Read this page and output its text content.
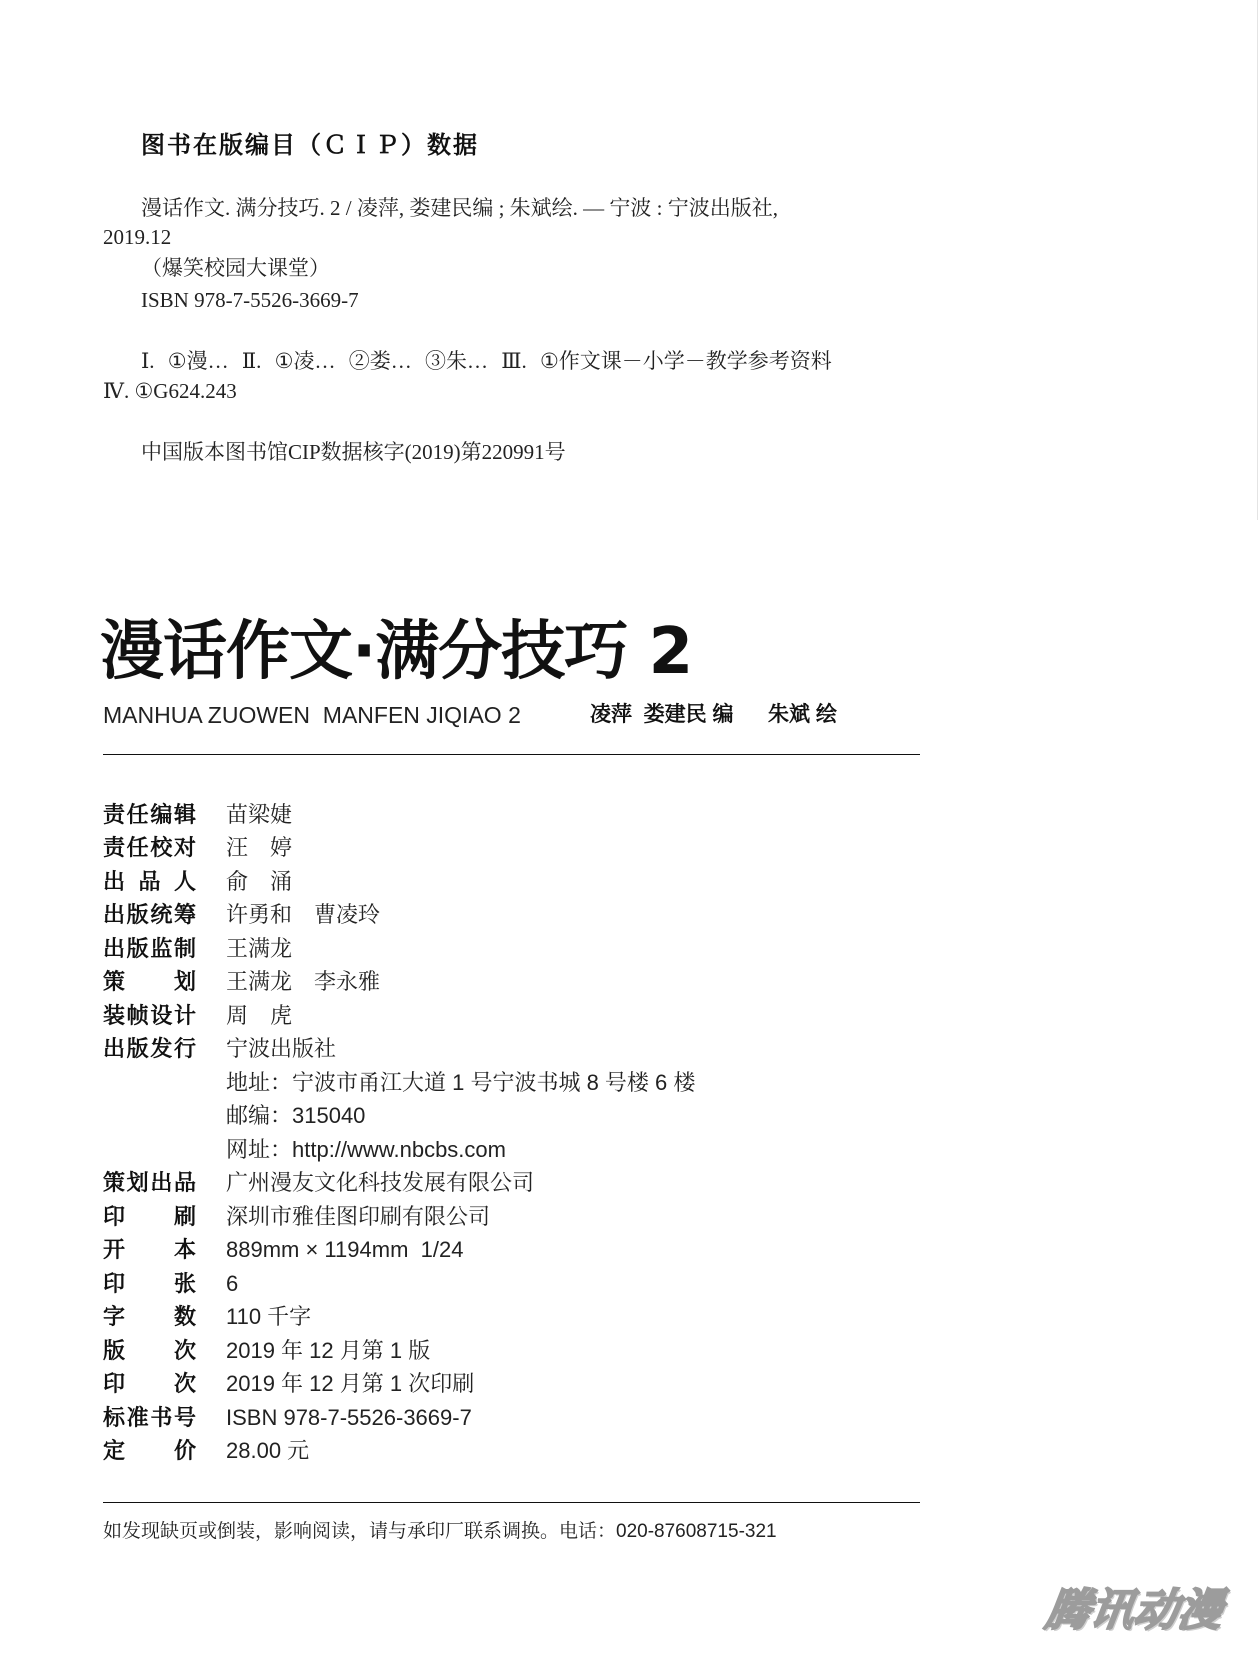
图书在版编目（ＣＩＰ）数据
漫话作文. 满分技巧. 2 / 凌萍, 娄建民编 ; 朱斌绘. — 宁波 : 宁波出版社,
2019.12
（爆笑校园大课堂）
ISBN 978-7-5526-3669-7
Ⅰ. ①漫… Ⅱ. ①凌… ②娄… ③朱… Ⅲ. ①作文课－小学－教学参考资料
Ⅳ. ①G624.243
中国版本图书馆CIP数据核字(2019)第220991号
漫话作文·满分技巧 2
MANHUA ZUOWEN  MANFEN JIQIAO 2	凌萍  娄建民 编 朱斌 绘
责任编辑 苗梁婕
责任校对 汪　婷
出 品 人 俞　涌
出版统筹 许勇和　曹凌玲
出版监制 王满龙
策 划 王满龙　李永雅
装帧设计 周　虎
出版发行 宁波出版社
地址：宁波市甬江大道 1 号宁波书城 8 号楼 6 楼
邮编：315040
网址：http://www.nbcbs.com
策划出品 广州漫友文化科技发展有限公司
印 刷 深圳市雅佳图印刷有限公司
开 本 889mm × 1194mm  1/24
印 张 6
字 数 110 千字
版 次 2019 年 12 月第 1 版
印 次 2019 年 12 月第 1 次印刷
标准书号 ISBN 978-7-5526-3669-7
定 价 28.00 元
如发现缺页或倒装，影响阅读，请与承印厂联系调换。电话：020-87608715-321
腾讯动漫
